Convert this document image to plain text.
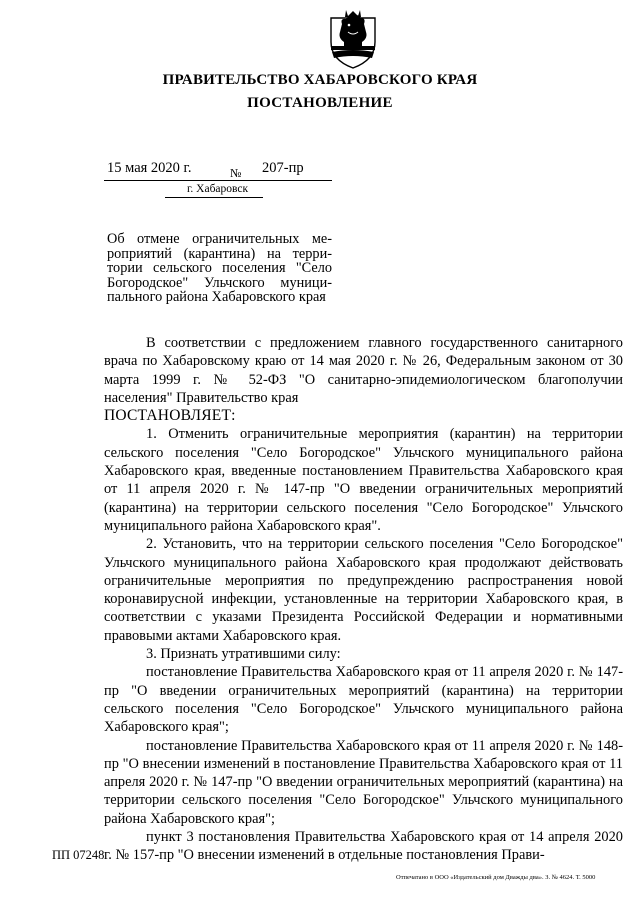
ПРАВИТЕЛЬСТВО ХАБАРОВСКОГО КРАЯ
ПОСТАНОВЛЕНИЕ
15 мая 2020 г.	№ 207-пр
г. Хабаровск
Об отмене ограничительных ме-
роприятий (карантина) на терри-
тории сельского поселения "Село
Богородское" Ульчского муници-
пального района Хабаровского края

В соответствии с предложением главного государственного санитарного врача по Хабаровскому краю от 14 мая 2020 г. № 26, Федеральным законом от 30 марта 1999 г. № 52-ФЗ "О санитарно-эпидемиологическом благополучии населения" Правительство края

ПОСТАНОВЛЯЕТ:

1. Отменить ограничительные мероприятия (карантин) на территории сельского поселения "Село Богородское" Ульчского муниципального района Хабаровского края, введенные постановлением Правительства Хабаровского края от 11 апреля 2020 г. № 147-пр "О введении ограничительных мероприятий (карантина) на территории сельского поселения "Село Богородское" Ульчского муниципального района Хабаровского края".

2. Установить, что на территории сельского поселения "Село Богородское" Ульчского муниципального района Хабаровского края продолжают действовать ограничительные мероприятия по предупреждению распространения новой коронавирусной инфекции, установленные на территории Хабаровского края, в соответствии с указами Президента Российской Федерации и нормативными правовыми актами Хабаровского края.

3. Признать утратившими силу:

постановление Правительства Хабаровского края от 11 апреля 2020 г. № 147-пр "О введении ограничительных мероприятий (карантина) на территории сельского поселения "Село Богородское" Ульчского муниципального района Хабаровского края";

постановление Правительства Хабаровского края от 11 апреля 2020 г. № 148-пр "О внесении изменений в постановление Правительства Хабаровского края от 11 апреля 2020 г. № 147-пр "О введении ограничительных мероприятий (карантина) на территории сельского поселения "Село Богородское" Ульчского муниципального района Хабаровского края";

пункт 3 постановления Правительства Хабаровского края от 14 апреля 2020 г. № 157-пр "О внесении изменений в отдельные постановления Прави-

ПП 07248
Отпечатано в ООО «Издательский дом Дважды два». З. № 4624. Т. 5000
